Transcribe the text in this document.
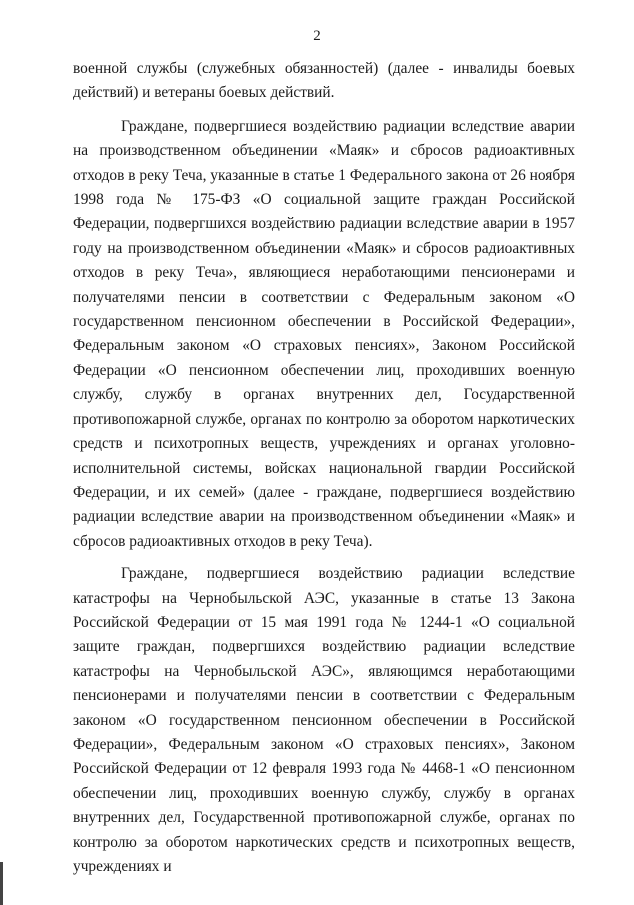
2

военной службы (служебных обязанностей) (далее - инвалиды боевых действий) и ветераны боевых действий.

Граждане, подвергшиеся воздействию радиации вследствие аварии на производственном объединении «Маяк» и сбросов радиоактивных отходов в реку Теча, указанные в статье 1 Федерального закона от 26 ноября 1998 года № 175-ФЗ «О социальной защите граждан Российской Федерации, подвергшихся воздействию радиации вследствие аварии в 1957 году на производственном объединении «Маяк» и сбросов радиоактивных отходов в реку Теча», являющиеся неработающими пенсионерами и получателями пенсии в соответствии с Федеральным законом «О государственном пенсионном обеспечении в Российской Федерации», Федеральным законом «О страховых пенсиях», Законом Российской Федерации «О пенсионном обеспечении лиц, проходивших военную службу, службу в органах внутренних дел, Государственной противопожарной службе, органах по контролю за оборотом наркотических средств и психотропных веществ, учреждениях и органах уголовно-исполнительной системы, войсках национальной гвардии Российской Федерации, и их семей» (далее - граждане, подвергшиеся воздействию радиации вследствие аварии на производственном объединении «Маяк» и сбросов радиоактивных отходов в реку Теча).

Граждане, подвергшиеся воздействию радиации вследствие катастрофы на Чернобыльской АЭС, указанные в статье 13 Закона Российской Федерации от 15 мая 1991 года № 1244-1 «О социальной защите граждан, подвергшихся воздействию радиации вследствие катастрофы на Чернобыльской АЭС», являющимся неработающими пенсионерами и получателями пенсии в соответствии с Федеральным законом «О государственном пенсионном обеспечении в Российской Федерации», Федеральным законом «О страховых пенсиях», Законом Российской Федерации от 12 февраля 1993 года № 4468-1 «О пенсионном обеспечении лиц, проходивших военную службу, службу в органах внутренних дел, Государственной противопожарной службе, органах по контролю за оборотом наркотических средств и психотропных веществ, учреждениях и
